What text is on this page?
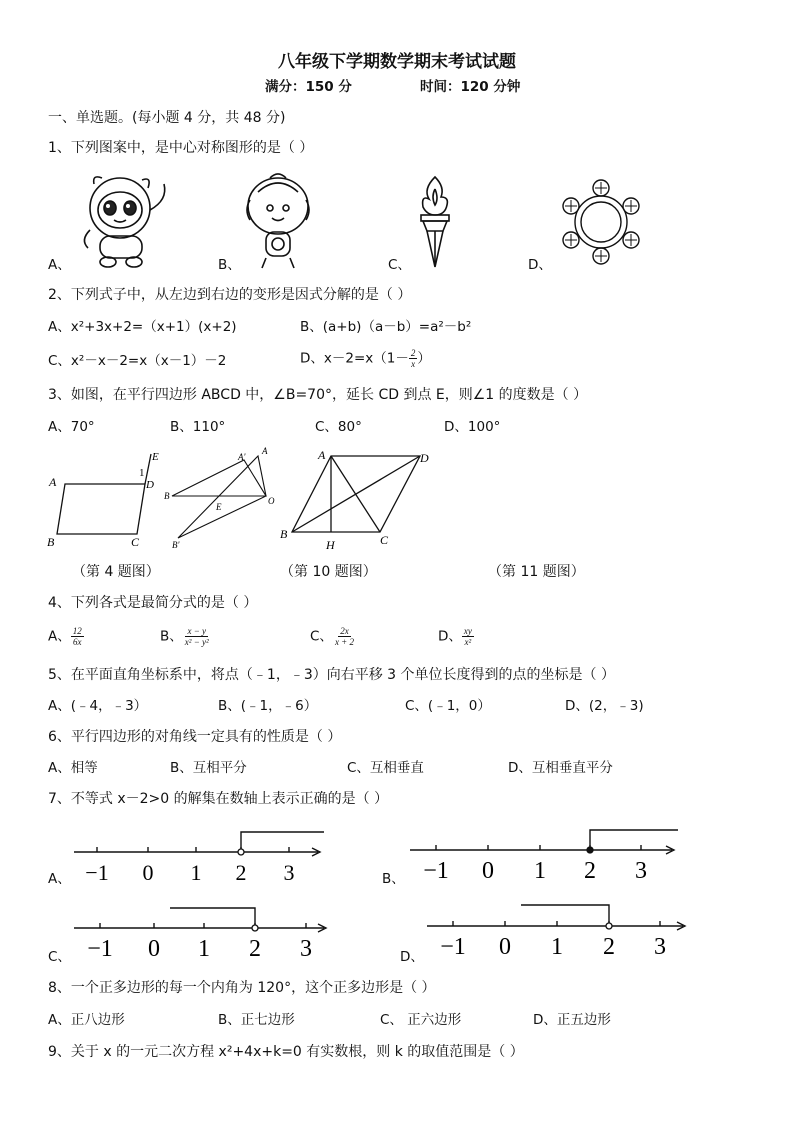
八年级下学期数学期末考试试题
满分：150 分	时间：120 分钟
一、单选题。(每小题 4 分，共 48 分)
1、下列图案中，是中心对称图形的是（ ）
A、	B、	C、	D、
2、下列式子中，从左边到右边的变形是因式分解的是（ ）
A、x²+3x+2=（x+1）(x+2)	B、(a+b)（a－b）=a²－b²
C、x²－x－2=x（x－1）－2	D、$x-2=x(1- \frac{2}{x}$ ）
3、如图，在平行四边形 ABCD 中，∠B=70°，延长 CD 到点 E，则∠1 的度数是（ ）
A、70°	B、110°	C、80°	D、100°
A
B	C
D
E
1
（第 4 题图）
A'
A
B
E
O
B'
（第 10 题图）
A	D
B
H	C
（第 11 题图）
4、下列各式是最简分式的是（ ）
A、 $\frac{12}{6x}$	B、 $\frac{x - y}{\text{x² − y²}}$	C、 $\frac{2x}{x + 2}$	D、 $\frac{xy}{\text{x²}}$
5、在平面直角坐标系中，将点（﹣1，﹣3）向右平移 3 个单位长度得到的点的坐标是（ ）
A、(﹣4，﹣3）	B、(﹣1，﹣6）	C、(﹣1，0）	D、(2，﹣3)
6、平行四边形的对角线一定具有的性质是（ ）
A、相等	B、互相平分	C、互相垂直	D、互相垂直平分
7、不等式 x－2>0 的解集在数轴上表示正确的是（ ）
A、	B、
C、	D、
−1 0 1 2 3	−1 0 1 2 3
−1 0 1 2 3	−1 0 1 2 3
8、一个正多边形的每一个内角为 120°，这个正多边形是（ ）
A、正八边形	B、正七边形	C、 正六边形	D、正五边形
9、关于 x 的一元二次方程 x²+4x+k=0 有实数根，则 k 的取值范围是（ ）
